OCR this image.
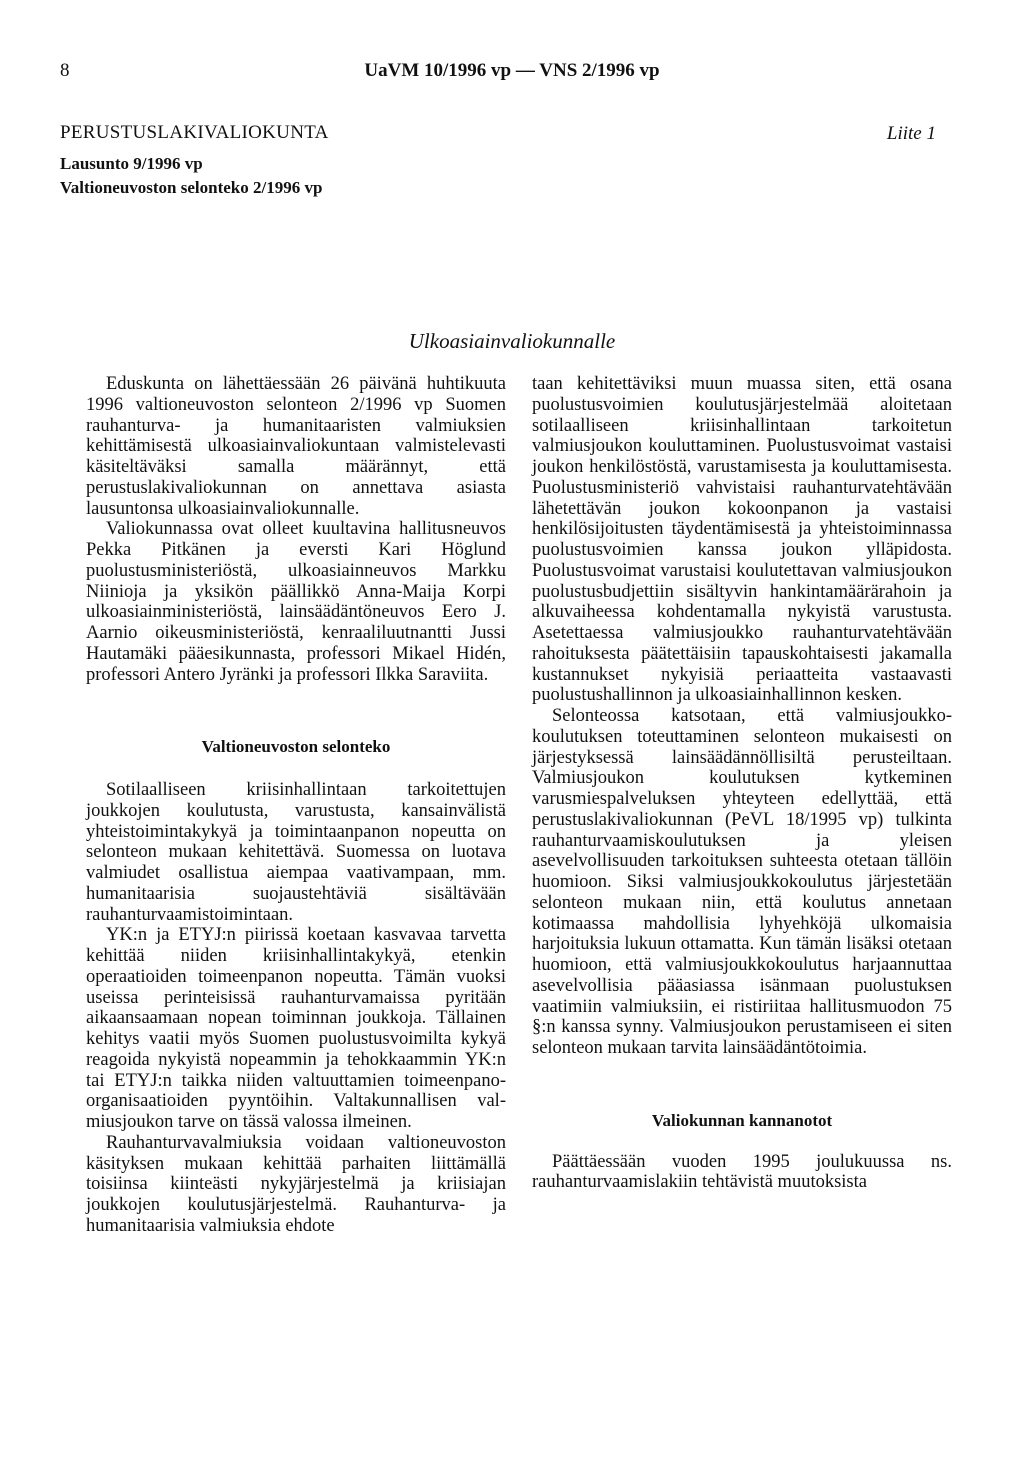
8	UaVM 10/1996 vp — VNS 2/1996 vp
PERUSTUSLAKIVALIOKUNTA	Liite 1
Lausunto 9/1996 vp
Valtioneuvoston selonteko 2/1996 vp
Ulkoasiainvaliokunnalle

Eduskunta on lähettäessään 26 päivänä huhtikuuta 1996 valtioneuvoston selonteon 2/1996 vp Suomen rauhanturva- ja humanitaaristen valmiuksien kehittämisestä ulkoasiainvaliokuntaan valmistelevasti käsiteltäväksi samalla määrännyt, että perustuslakivaliokunnan on annettava asiasta lausuntonsa ulkoasiainvaliokunnalle.

Valiokunnassa ovat olleet kuultavina hallitusneuvos Pekka Pitkänen ja eversti Kari Höglund puolustusministeriöstä, ulkoasiainneuvos Markku Niinioja ja yksikön päällikkö Anna-Maija Korpi ulkoasiainministeriöstä, lainsäädäntöneuvos Eero J. Aarnio oikeusministeriöstä, kenraaliluutnantti Jussi Hautamäki pääesikunnasta, professori Mikael Hidén, professori Antero Jyränki ja professori Ilkka Saraviita.

Valtioneuvoston selonteko

Sotilaalliseen kriisinhallintaan tarkoitettujen joukkojen koulutusta, varustusta, kansainvälistä yhteistoimintakykyä ja toimintaanpanon nopeutta on selonteon mukaan kehitettävä. Suomessa on luotava valmiudet osallistua aiempaa vaativampaan, mm. humanitaarisia suojaustehtäviä sisältävään rauhanturvaamistoimintaan.

YK:n ja ETYJ:n piirissä koetaan kasvavaa tarvetta kehittää niiden kriisinhallintakykyä, etenkin operaatioiden toimeenpanon nopeutta. Tämän vuoksi useissa perinteisissä rauhanturvamaissa pyritään aikaansaamaan nopean toiminnan joukkoja. Tällainen kehitys vaatii myös Suomen puolustusvoimilta kykyä reagoida nykyistä nopeammin ja tehokkaammin YK:n tai ETYJ:n taikka niiden valtuuttamien toimeenpano-organisaatioiden pyyntöihin. Valtakunnallisen valmiusjoukon tarve on tässä valossa ilmeinen.

Rauhanturvavalmiuksia voidaan valtioneuvoston käsityksen mukaan kehittää parhaiten liittämällä toisiinsa kiinteästi nykyjärjestelmä ja kriisiajan joukkojen koulutusjärjestelmä. Rauhanturva- ja humanitaarisia valmiuksia ehdote

taan kehitettäviksi muun muassa siten, että osana puolustusvoimien koulutusjärjestelmää aloitetaan sotilaalliseen kriisinhallintaan tarkoitetun valmiusjoukon kouluttaminen. Puolustusvoimat vastaisi joukon henkilöstöstä, varustamisesta ja kouluttamisesta. Puolustusministeriö vahvistaisi rauhanturvatehtävään lähetettävän joukon kokoonpanon ja vastaisi henkilösijoitusten täydentämisestä ja yhteistoiminnassa puolustusvoimien kanssa joukon ylläpidosta. Puolustusvoimat varustaisi koulutettavan valmiusjoukon puolustusbudjettiin sisältyvin hankintamäärärahoin ja alkuvaiheessa kohdentamalla nykyistä varustusta. Asetettaessa valmiusjoukko rauhanturvatehtävään rahoituksesta päätettäisiin tapauskohtaisesti jakamalla kustannukset nykyisiä periaatteita vastaavasti puolustushallinnon ja ulkoasiainhallinnon kesken.

Selonteossa katsotaan, että valmiusjoukkokoulutuksen toteuttaminen selonteon mukaisesti on järjestyksessä lainsäädännöllisiltä perusteiltaan. Valmiusjoukon koulutuksen kytkeminen varusmiespalveluksen yhteyteen edellyttää, että perustuslakivaliokunnan (PeVL 18/1995 vp) tulkinta rauhanturvaamiskoulutuksen ja yleisen asevelvollisuuden tarkoituksen suhteesta otetaan tällöin huomioon. Siksi valmiusjoukkokoulutus järjestetään selonteon mukaan niin, että koulutus annetaan kotimaassa mahdollisia lyhyehköjä ulkomaisia harjoituksia lukuun ottamatta. Kun tämän lisäksi otetaan huomioon, että valmiusjoukkokoulutus harjaannuttaa asevelvollisia pääasiassa isänmaan puolustuksen vaatimiin valmiuksiin, ei ristiriitaa hallitusmuodon 75 §:n kanssa synny. Valmiusjoukon perustamiseen ei siten selonteon mukaan tarvita lainsäädäntötoimia.

Valiokunnan kannanotot

Päättäessään vuoden 1995 joulukuussa ns. rauhanturvaamislakiin tehtävistä muutoksista
